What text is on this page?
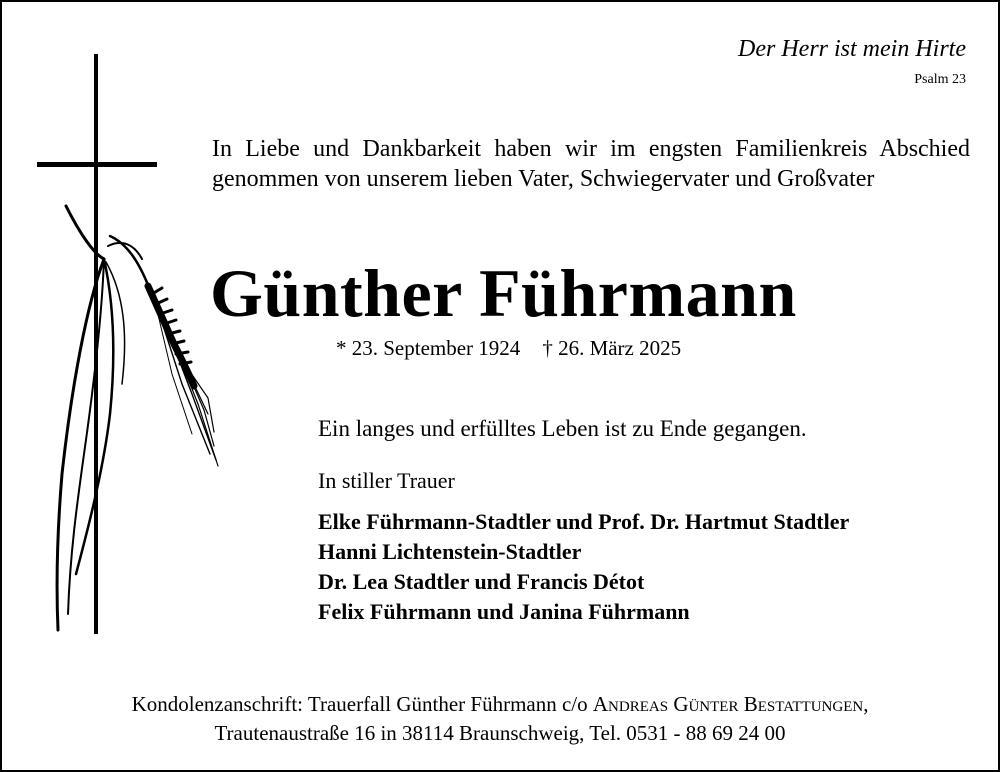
Der Herr ist mein Hirte
Psalm 23
In Liebe und Dankbarkeit haben wir im engsten Familienkreis Abschied genommen von unserem lieben Vater, Schwiegervater und Großvater
Günther Führmann
* 23. September 1924 † 26. März 2025
Ein langes und erfülltes Leben ist zu Ende gegangen.
In stiller Trauer
Elke Führmann-Stadtler und Prof. Dr. Hartmut Stadtler
Hanni Lichtenstein-Stadtler
Dr. Lea Stadtler und Francis Détot
Felix Führmann und Janina Führmann
Kondolenzanschrift: Trauerfall Günther Führmann c/o Andreas Günter Bestattungen,
Trautenaustraße 16 in 38114 Braunschweig, Tel. 0531 - 88 69 24 00
